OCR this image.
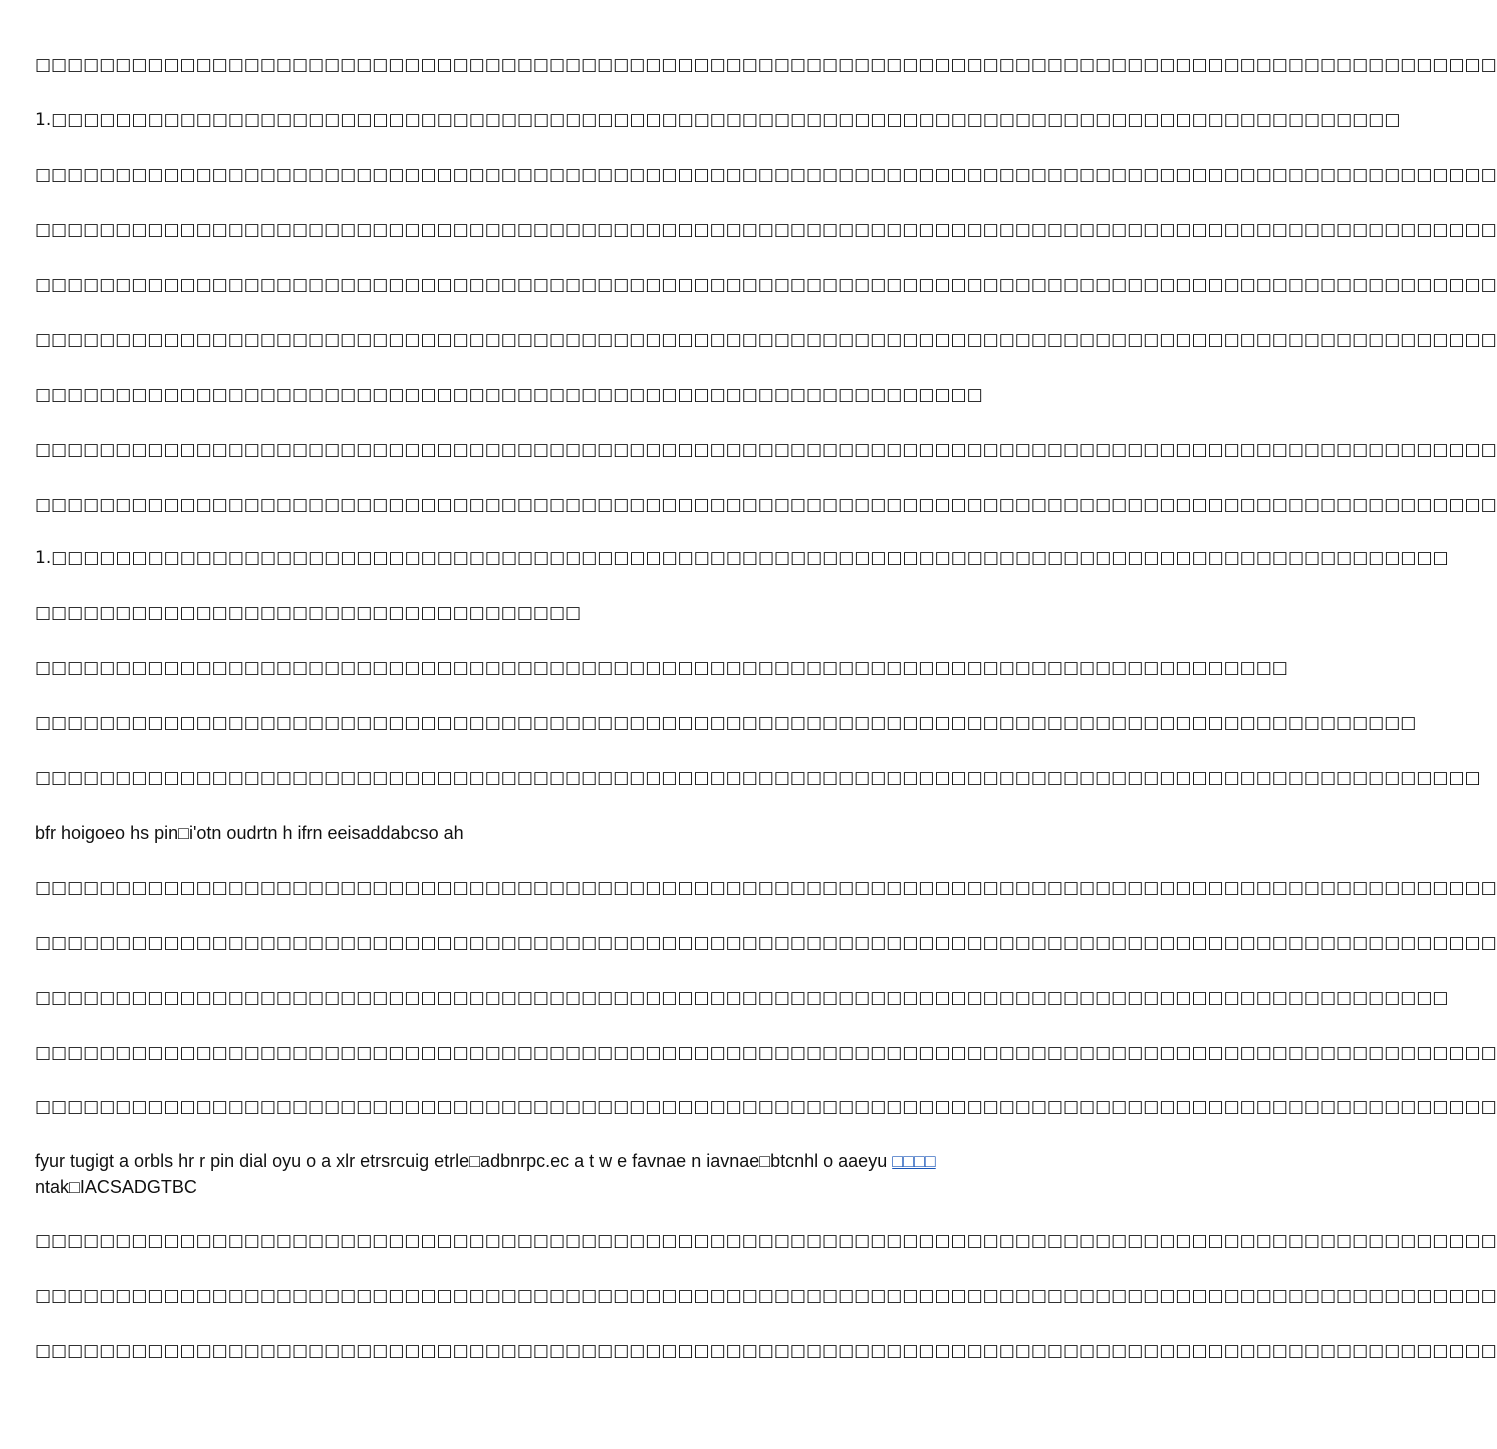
□□□□□□□□□□□□□□□□□□□□□□□□□□□□□□□□□□□□□□□□□□□□□□□□□□□□□□□□□□□□□□□□□□□□□□□□□□□□□□□□□□□□□□□□□□□

1.□□□□□□□□□□□□□□□□□□□□□□□□□□□□□□□□□□□□□□□□□□□□□□□□□□□□□□□□□□□□□□□□□□□□□□□□□□□□□□□□□□□□

□□□□□□□□□□□□□□□□□□□□□□□□□□□□□□□□□□□□□□□□□□□□□□□□□□□□□□□□□□□□□□□□□□□□□□□□□□□□□□□□□□□□□□□□□□□

□□□□□□□□□□□□□□□□□□□□□□□□□□□□□□□□□□□□□□□□□□□□□□□□□□□□□□□□□□□□□□□□□□□□□□□□□□□□□□□□□□□□□□□□□□□

□□□□□□□□□□□□□□□□□□□□□□□□□□□□□□□□□□□□□□□□□□□□□□□□□□□□□□□□□□□□□□□□□□□□□□□□□□□□□□□□□□□□□□□□□□□

□□□□□□□□□□□□□□□□□□□□□□□□□□□□□□□□□□□□□□□□□□□□□□□□□□□□□□□□□□□□□□□□□□□□□□□□□□□□□□□□□□□□□□□□□□□

□□□□□□□□□□□□□□□□□□□□□□□□□□□□□□□□□□□□□□□□□□□□□□□□□□□□□□□□□□□

□□□□□□□□□□□□□□□□□□□□□□□□□□□□□□□□□□□□□□□□□□□□□□□□□□□□□□□□□□□□□□□□□□□□□□□□□□□□□□□□□□□□□□□□□□□

□□□□□□□□□□□□□□□□□□□□□□□□□□□□□□□□□□□□□□□□□□□□□□□□□□□□□□□□□□□□□□□□□□□□□□□□□□□□□□□□□□□□□□□□□□□

1.□□□□□□□□□□□□□□□□□□□□□□□□□□□□□□□□□□□□□□□□□□□□□□□□□□□□□□□□□□□□□□□□□□□□□□□□□□□□□□□□□□□□□□□

□□□□□□□□□□□□□□□□□□□□□□□□□□□□□□□□□□

□□□□□□□□□□□□□□□□□□□□□□□□□□□□□□□□□□□□□□□□□□□□□□□□□□□□□□□□□□□□□□□□□□□□□□□□□□□□□□

□□□□□□□□□□□□□□□□□□□□□□□□□□□□□□□□□□□□□□□□□□□□□□□□□□□□□□□□□□□□□□□□□□□□□□□□□□□□□□□□□□□□□□

□□□□□□□□□□□□□□□□□□□□□□□□□□□□□□□□□□□□□□□□□□□□□□□□□□□□□□□□□□□□□□□□□□□□□□□□□□□□□□□□□□□□□□□□□□

bfr hoigoeo hs pin□i'otn oudrtn h ifrn eeisaddabcso ah

□□□□□□□□□□□□□□□□□□□□□□□□□□□□□□□□□□□□□□□□□□□□□□□□□□□□□□□□□□□□□□□□□□□□□□□□□□□□□□□□□□□□□□□□□□□

□□□□□□□□□□□□□□□□□□□□□□□□□□□□□□□□□□□□□□□□□□□□□□□□□□□□□□□□□□□□□□□□□□□□□□□□□□□□□□□□□□□□□□□□□□□

□□□□□□□□□□□□□□□□□□□□□□□□□□□□□□□□□□□□□□□□□□□□□□□□□□□□□□□□□□□□□□□□□□□□□□□□□□□□□□□□□□□□□□□□

□□□□□□□□□□□□□□□□□□□□□□□□□□□□□□□□□□□□□□□□□□□□□□□□□□□□□□□□□□□□□□□□□□□□□□□□□□□□□□□□□□□□□□□□□□□

□□□□□□□□□□□□□□□□□□□□□□□□□□□□□□□□□□□□□□□□□□□□□□□□□□□□□□□□□□□□□□□□□□□□□□□□□□□□□□□□□□□□□□□□□□□

fyur tugigt a orbls hr r pin dial oyu o a xlr etrsrcuig etrle□adbnrpc.ec a t w e favnae n iavnae□btcnhl o aaeyu □□□□
ntak□IACSADGTBC

□□□□□□□□□□□□□□□□□□□□□□□□□□□□□□□□□□□□□□□□□□□□□□□□□□□□□□□□□□□□□□□□□□□□□□□□□□□□□□□□□□□□□□□□□□□

□□□□□□□□□□□□□□□□□□□□□□□□□□□□□□□□□□□□□□□□□□□□□□□□□□□□□□□□□□□□□□□□□□□□□□□□□□□□□□□□□□□□□□□□□□□

□□□□□□□□□□□□□□□□□□□□□□□□□□□□□□□□□□□□□□□□□□□□□□□□□□□□□□□□□□□□□□□□□□□□□□□□□□□□□□□□□□□□□□□□□□□
